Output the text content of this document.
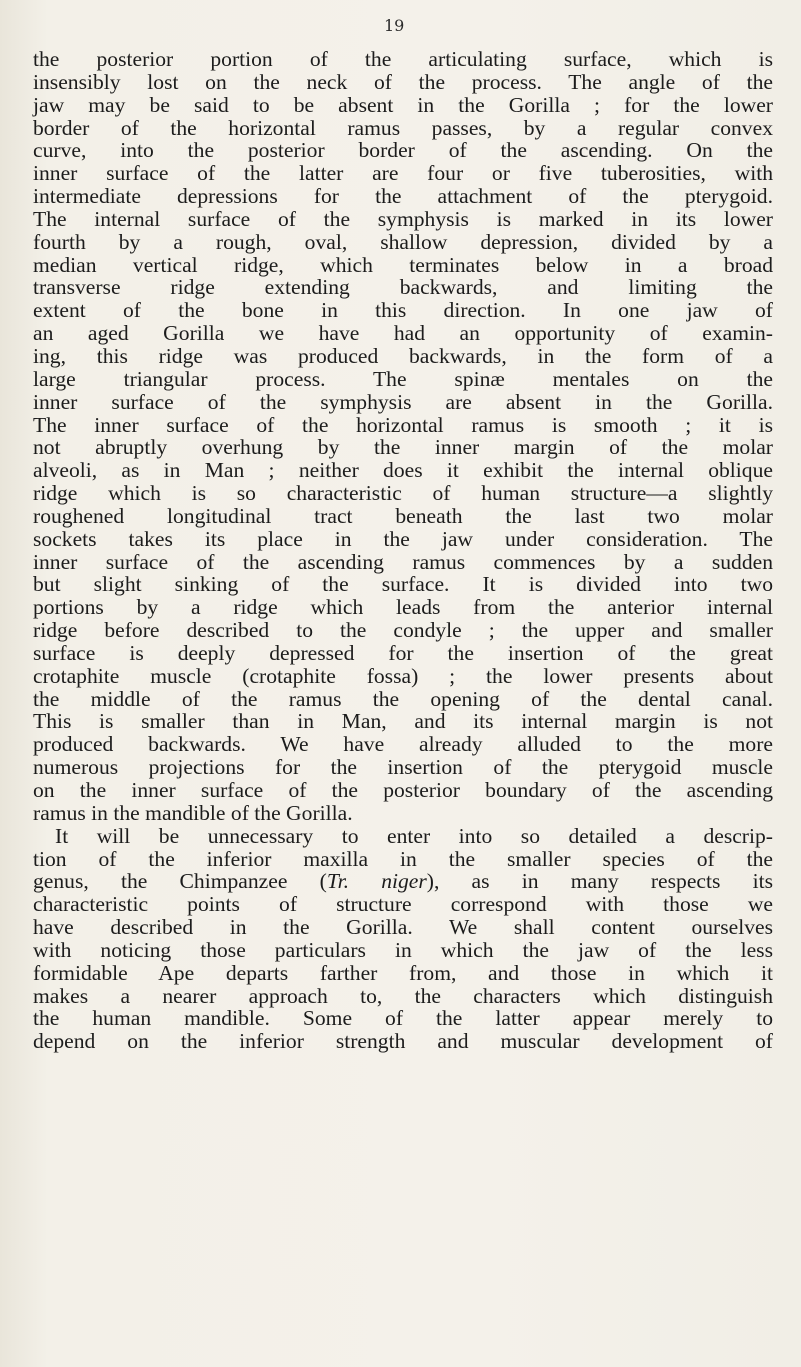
19
the posterior portion of the articulating surface, which is
insensibly lost on the neck of the process. The angle of the
jaw may be said to be absent in the Gorilla ; for the lower
border of the horizontal ramus passes, by a regular convex
curve, into the posterior border of the ascending. On the
inner surface of the latter are four or five tuberosities, with
intermediate depressions for the attachment of the pterygoid.
The internal surface of the symphysis is marked in its lower
fourth by a rough, oval, shallow depression, divided by a
median vertical ridge, which terminates below in a broad
transverse ridge extending backwards, and limiting the
extent of the bone in this direction. In one jaw of
an aged Gorilla we have had an opportunity of examin-
ing, this ridge was produced backwards, in the form of a
large triangular process. The spinæ mentales on the
inner surface of the symphysis are absent in the Gorilla.
The inner surface of the horizontal ramus is smooth ; it is
not abruptly overhung by the inner margin of the molar
alveoli, as in Man ; neither does it exhibit the internal oblique
ridge which is so characteristic of human structure—a slightly
roughened longitudinal tract beneath the last two molar
sockets takes its place in the jaw under consideration. The
inner surface of the ascending ramus commences by a sudden
but slight sinking of the surface. It is divided into two
portions by a ridge which leads from the anterior internal
ridge before described to the condyle ; the upper and smaller
surface is deeply depressed for the insertion of the great
crotaphite muscle (crotaphite fossa) ; the lower presents about
the middle of the ramus the opening of the dental canal.
This is smaller than in Man, and its internal margin is not
produced backwards. We have already alluded to the more
numerous projections for the insertion of the pterygoid muscle
on the inner surface of the posterior boundary of the ascending
ramus in the mandible of the Gorilla.
It will be unnecessary to enter into so detailed a descrip-
tion of the inferior maxilla in the smaller species of the
genus, the Chimpanzee (Tr. niger), as in many respects its
characteristic points of structure correspond with those we
have described in the Gorilla. We shall content ourselves
with noticing those particulars in which the jaw of the less
formidable Ape departs farther from, and those in which it
makes a nearer approach to, the characters which distinguish
the human mandible. Some of the latter appear merely to
depend on the inferior strength and muscular development of
